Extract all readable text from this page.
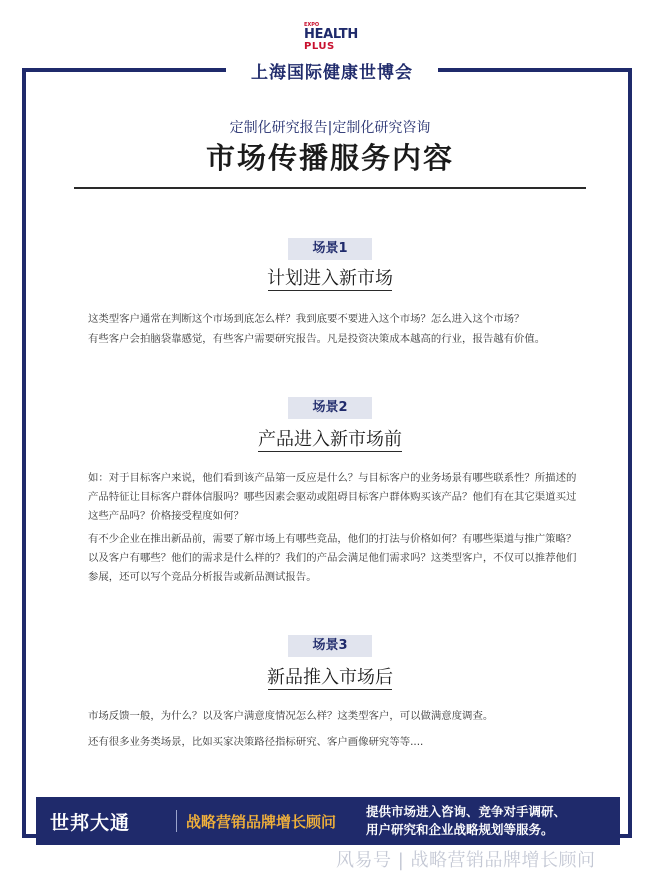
EXPO
HEALTH
PLUS
上海国际健康世博会
定制化研究报告|定制化研究咨询
市场传播服务内容
场景1
计划进入新市场
这类型客户通常在判断这个市场到底怎么样？我到底要不要进入这个市场？怎么进入这个市场？
有些客户会拍脑袋靠感觉，有些客户需要研究报告。凡是投资决策成本越高的行业，报告越有价值。
场景2
产品进入新市场前
如：对于目标客户来说，他们看到该产品第一反应是什么？与目标客户的业务场景有哪些联系性？所描述的产品特征让目标客户群体信服吗？哪些因素会驱动或阻碍目标客户群体购买该产品？他们有在其它渠道买过这些产品吗？价格接受程度如何？
有不少企业在推出新品前，需要了解市场上有哪些竞品，他们的打法与价格如何？有哪些渠道与推广策略？以及客户有哪些？他们的需求是什么样的？我们的产品会满足他们需求吗？这类型客户，不仅可以推荐他们参展，还可以写个竞品分析报告或新品测试报告。
场景3
新品推入市场后
市场反馈一般，为什么？以及客户满意度情况怎么样？这类型客户，可以做满意度调查。
还有很多业务类场景，比如买家决策路径指标研究、客户画像研究等等....
世邦大通	战略营销品牌增长顾问
提供市场进入咨询、竞争对手调研、
用户研究和企业战略规划等服务。
风易号 | 战略营销品牌增长顾问
